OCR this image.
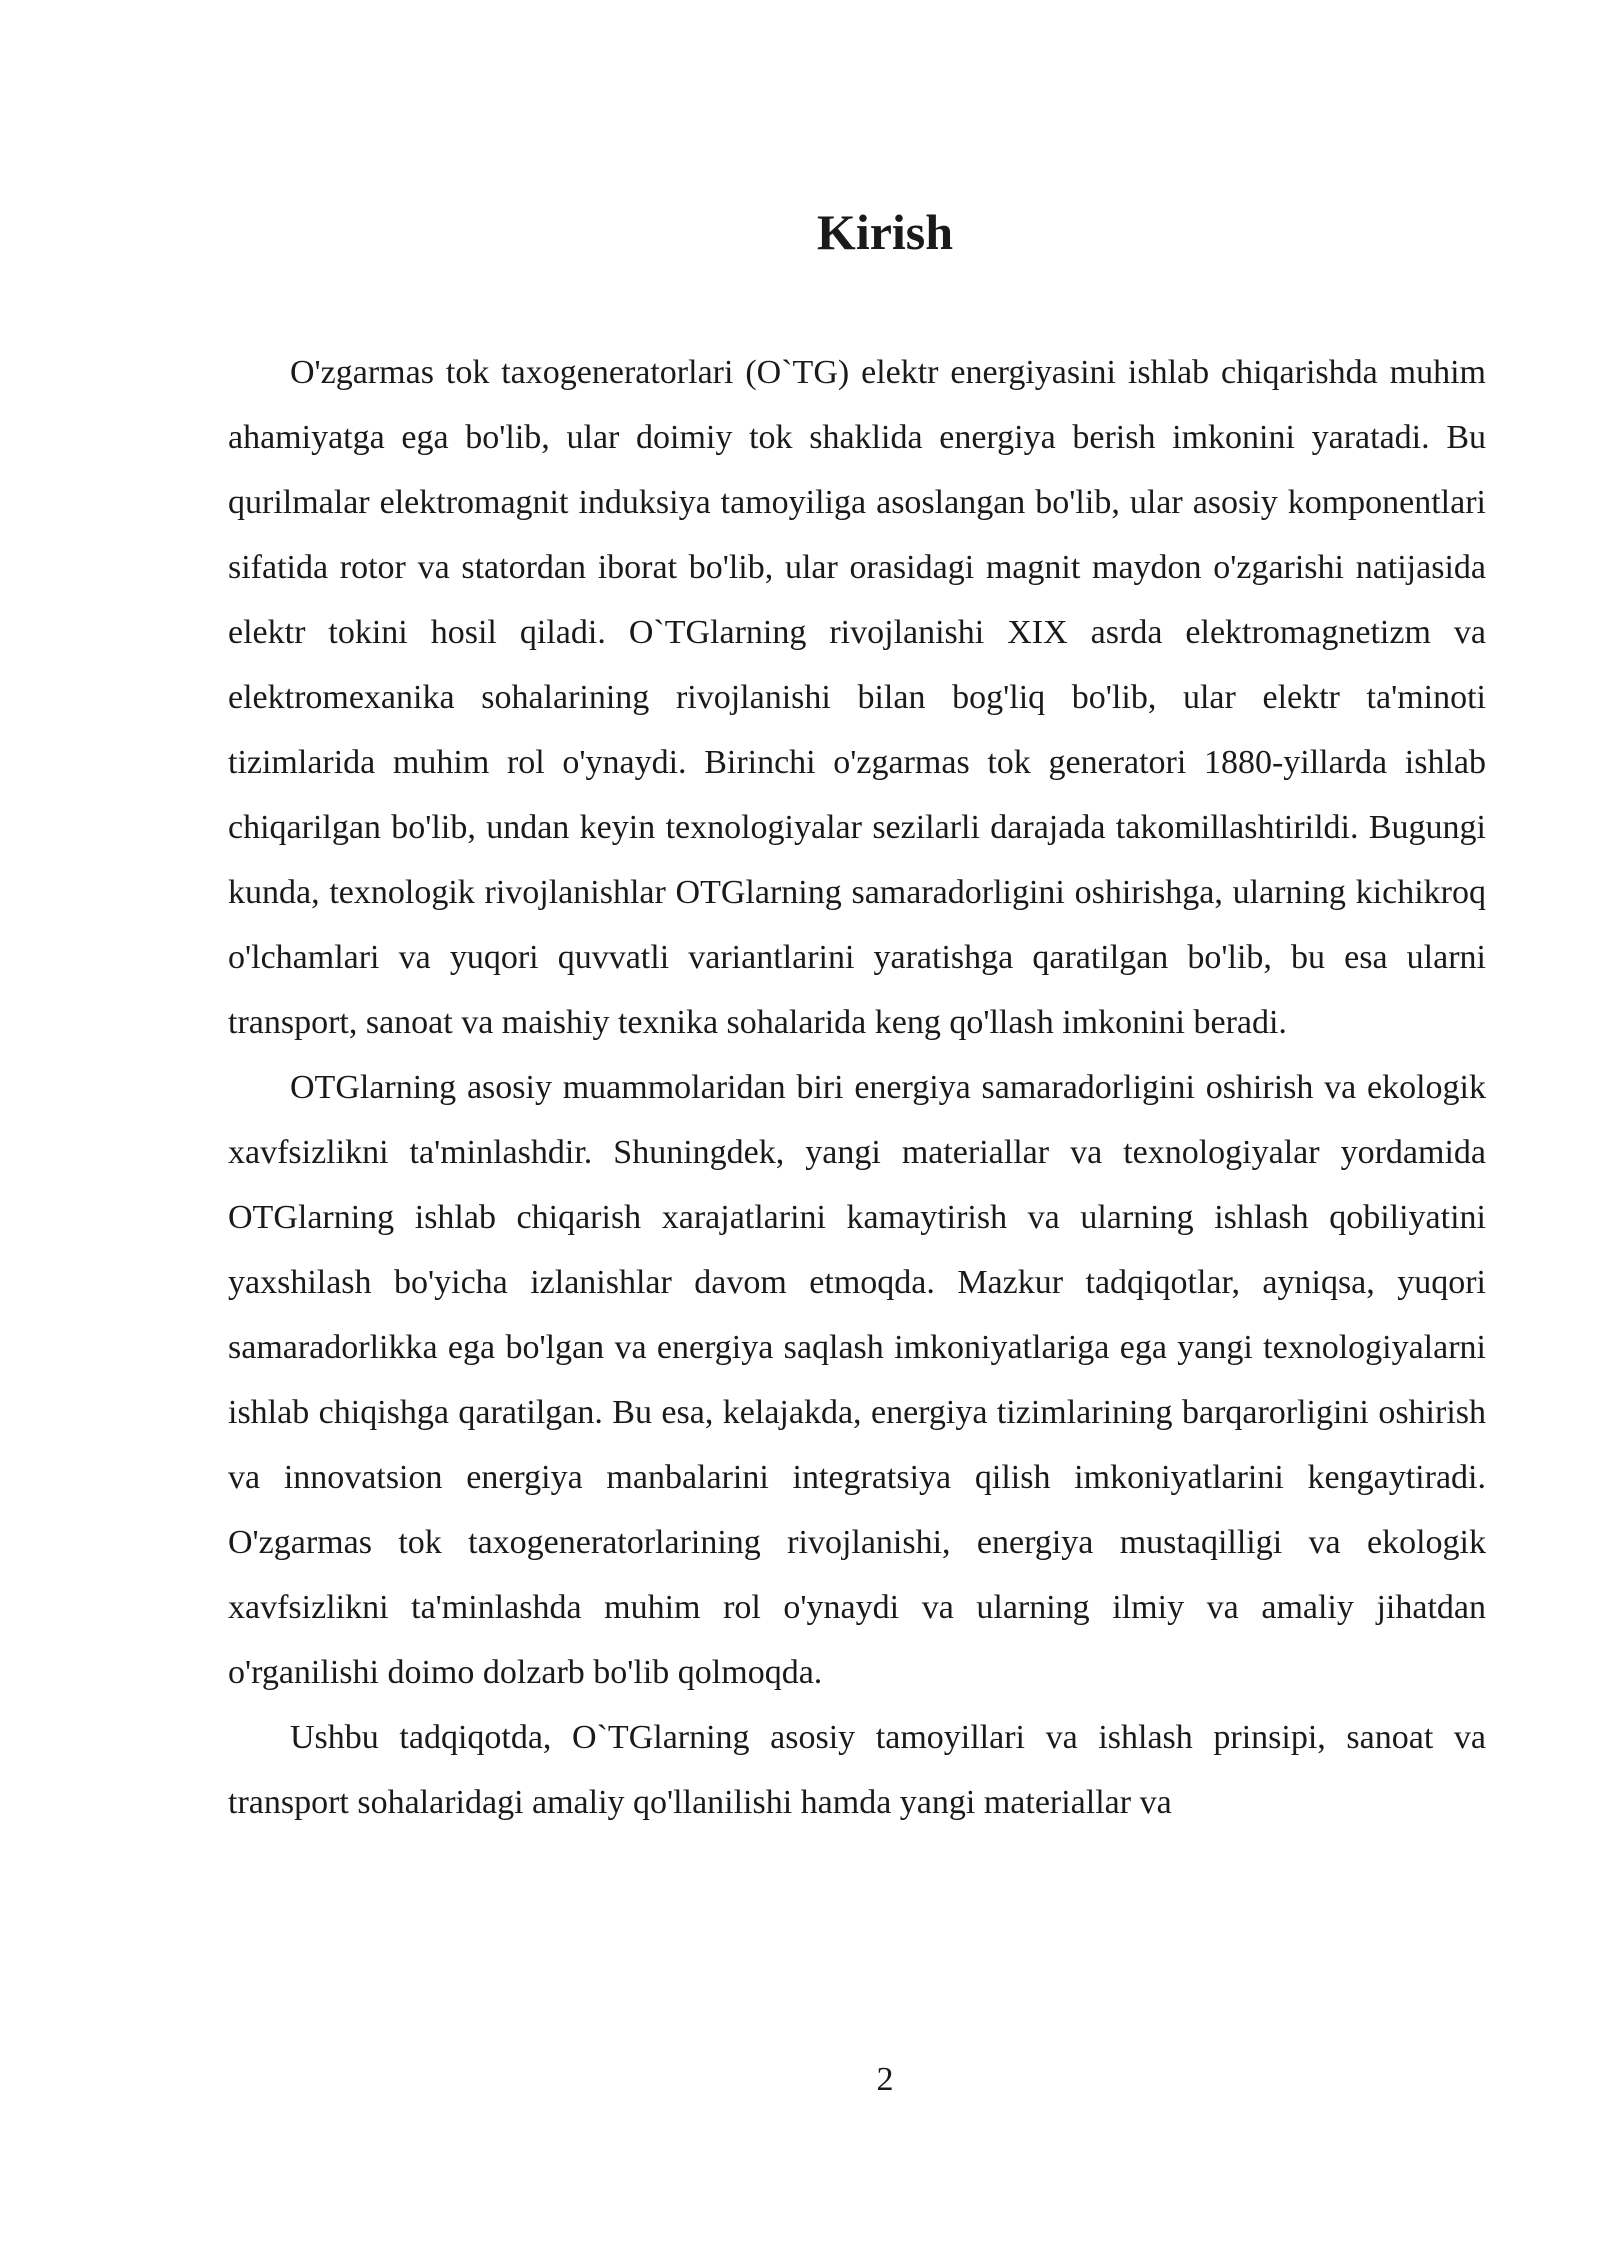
Kirish

O'zgarmas tok taxogeneratorlari (O`TG) elektr energiyasini ishlab chiqarishda muhim ahamiyatga ega bo'lib, ular doimiy tok shaklida energiya berish imkonini yaratadi. Bu qurilmalar elektromagnit induksiya tamoyiliga asoslangan bo'lib, ular asosiy komponentlari sifatida rotor va statordan iborat bo'lib, ular orasidagi magnit maydon o'zgarishi natijasida elektr tokini hosil qiladi. O`TGlarning rivojlanishi XIX asrda elektromagnetizm va elektromexanika sohalarining rivojlanishi bilan bog'liq bo'lib, ular elektr ta'minoti tizimlarida muhim rol o'ynaydi. Birinchi o'zgarmas tok generatori 1880-yillarda ishlab chiqarilgan bo'lib, undan keyin texnologiyalar sezilarli darajada takomillashtirildi. Bugungi kunda, texnologik rivojlanishlar OTGlarning samaradorligini oshirishga, ularning kichikroq o'lchamlari va yuqori quvvatli variantlarini yaratishga qaratilgan bo'lib, bu esa ularni transport, sanoat va maishiy texnika sohalarida keng qo'llash imkonini beradi.

OTGlarning asosiy muammolaridan biri energiya samaradorligini oshirish va ekologik xavfsizlikni ta'minlashdir. Shuningdek, yangi materiallar va texnologiyalar yordamida OTGlarning ishlab chiqarish xarajatlarini kamaytirish va ularning ishlash qobiliyatini yaxshilash bo'yicha izlanishlar davom etmoqda. Mazkur tadqiqotlar, ayniqsa, yuqori samaradorlikka ega bo'lgan va energiya saqlash imkoniyatlariga ega yangi texnologiyalarni ishlab chiqishga qaratilgan. Bu esa, kelajakda, energiya tizimlarining barqarorligini oshirish va innovatsion energiya manbalarini integratsiya qilish imkoniyatlarini kengaytiradi. O'zgarmas tok taxogeneratorlarining rivojlanishi, energiya mustaqilligi va ekologik xavfsizlikni ta'minlashda muhim rol o'ynaydi va ularning ilmiy va amaliy jihatdan o'rganilishi doimo dolzarb bo'lib qolmoqda.

Ushbu tadqiqotda, O`TGlarning asosiy tamoyillari va ishlash prinsipi, sanoat va transport sohalaridagi amaliy qo'llanilishi hamda yangi materiallar va

2
